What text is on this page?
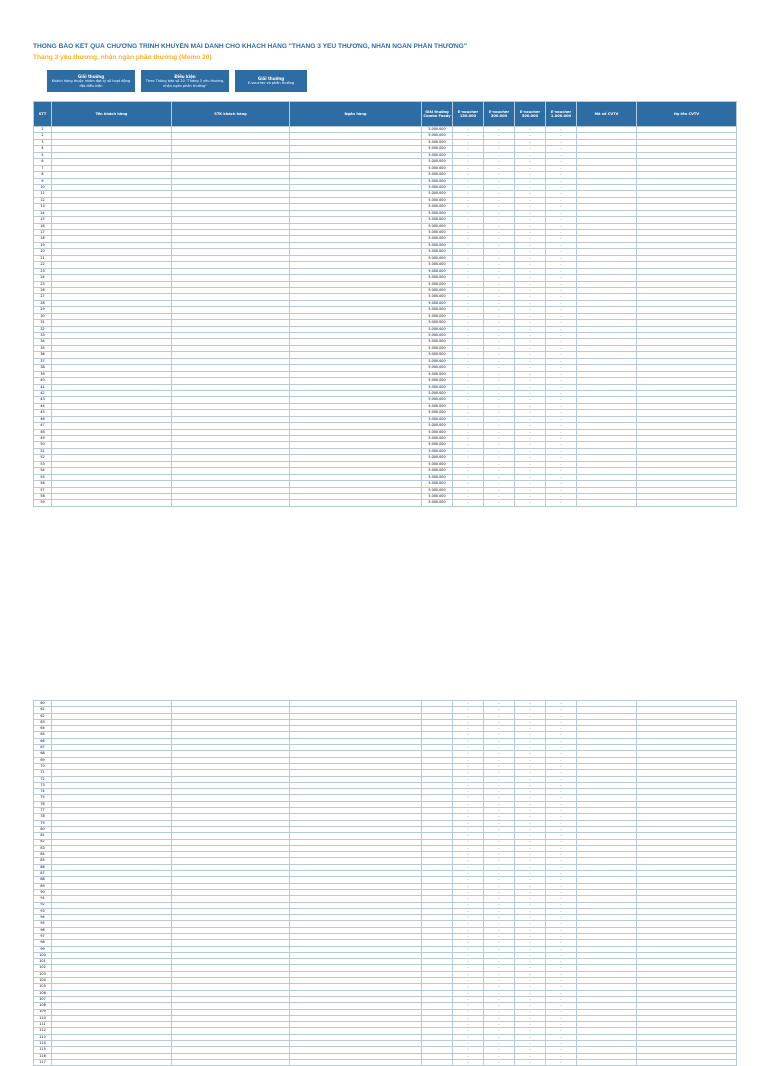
THÔNG BÁO KẾT QUẢ CHƯƠNG TRÌNH KHUYẾN MÃI DÀNH CHO KHÁCH HÀNG "THĂNG 3 YÊU THƯƠNG, NHÂN NGÀN PHẦN THƯỞNG"
Tháng 3 yêu thương, nhận ngàn phần thưởng (Memo 20)
Giải thưởng
Khách hàng thuộc nhóm đạt tỷ số hoạt động đặt điều kiện
Điều kiện
Theo Thông báo số 20 "Tháng 3 yêu thương, nhận ngàn phần thưởng"
Giải thưởng
E-voucher và phần thưởng
STT	Tên khách hàng	STK khách hàng	Ngân hàng	Giải thưởng Combo Foody	E-voucher 150.000	E-voucher 300.000	E-voucher 500.000	E-voucher 1.000.000	Mã số CVTV	Họ tên CVTV
1				5.000.000	-	-	-	-		
2				5.000.000	-	-	-	-		
3				5.000.000	-	-	-	-		
4				5.000.000	-	-	-	-		
5				5.000.000	-	-	-	-		
6				5.000.000	-	-	-	-		
7				5.000.000	-	-	-	-		
8				5.000.000	-	-	-	-		
9				5.000.000	-	-	-	-		
10				5.000.000	-	-	-	-		
11				5.000.000	-	-	-	-		
12				5.000.000	-	-	-	-		
13				5.000.000	-	-	-	-		
14				5.000.000	-	-	-	-		
15				5.000.000	-	-	-	-		
16				5.000.000	-	-	-	-		
17				5.000.000	-	-	-	-		
18				5.000.000	-	-	-	-		
19				5.000.000	-	-	-	-		
20				5.000.000	-	-	-	-		
21				5.000.000	-	-	-	-		
22				5.000.000	-	-	-	-		
23				5.000.000	-	-	-	-		
24				5.000.000	-	-	-	-		
25				5.000.000	-	-	-	-		
26				5.000.000	-	-	-	-		
27				5.000.000	-	-	-	-		
28				5.000.000	-	-	-	-		
29				5.000.000	-	-	-	-		
30				5.000.000	-	-	-	-		
31				5.000.000	-	-	-	-		
32				5.000.000	-	-	-	-		
33				5.000.000	-	-	-	-		
34				5.000.000	-	-	-	-		
35				5.000.000	-	-	-	-		
36				5.000.000	-	-	-	-		
37				5.000.000	-	-	-	-		
38				5.000.000	-	-	-	-		
39				5.000.000	-	-	-	-		
40				5.000.000	-	-	-	-		
41				5.000.000	-	-	-	-		
42				5.000.000	-	-	-	-		
43				5.000.000	-	-	-	-		
44				5.000.000	-	-	-	-		
45				5.000.000	-	-	-	-		
46				5.000.000	-	-	-	-		
47				5.000.000	-	-	-	-		
48				5.000.000	-	-	-	-		
49				5.000.000	-	-	-	-		
50				5.000.000	-	-	-	-		
51				5.000.000	-	-	-	-		
52				5.000.000	-	-	-	-		
53				5.000.000	-	-	-	-		
54				5.000.000	-	-	-	-		
55				5.000.000	-	-	-	-		
56				5.000.000	-	-	-	-		
57				5.000.000	-	-	-	-		
58				5.000.000	-	-	-	-		
59				5.000.000	-	-	-	-		
60					-	-	-	-		
61					-	-	-	-		
62					-	-	-	-		
63					-	-	-	-		
64					-	-	-	-		
65					-	-	-	-		
66					-	-	-	-		
67					-	-	-	-		
68					-	-	-	-		
69					-	-	-	-		
70					-	-	-	-		
71					-	-	-	-		
72					-	-	-	-		
73					-	-	-	-		
74					-	-	-	-		
75					-	-	-	-		
76					-	-	-	-		
77					-	-	-	-		
78					-	-	-	-		
79					-	-	-	-		
80					-	-	-	-		
81					-	-	-	-		
82					-	-	-	-		
83					-	-	-	-		
84					-	-	-	-		
85					-	-	-	-		
86					-	-	-	-		
87					-	-	-	-		
88					-	-	-	-		
89					-	-	-	-		
90					-	-	-	-		
91					-	-	-	-		
92					-	-	-	-		
93					-	-	-	-		
94					-	-	-	-		
95					-	-	-	-		
96					-	-	-	-		
97					-	-	-	-		
98					-	-	-	-		
99					-	-	-	-		
100					-	-	-	-		
101					-	-	-	-		
102					-	-	-	-		
103					-	-	-	-		
104					-	-	-	-		
105					-	-	-	-		
106					-	-	-	-		
107					-	-	-	-		
108					-	-	-	-		
109					-	-	-	-		
110					-	-	-	-		
111					-	-	-	-		
112					-	-	-	-		
113					-	-	-	-		
114					-	-	-	-		
115					-	-	-	-		
116					-	-	-	-		
117					-	-	-	-		
